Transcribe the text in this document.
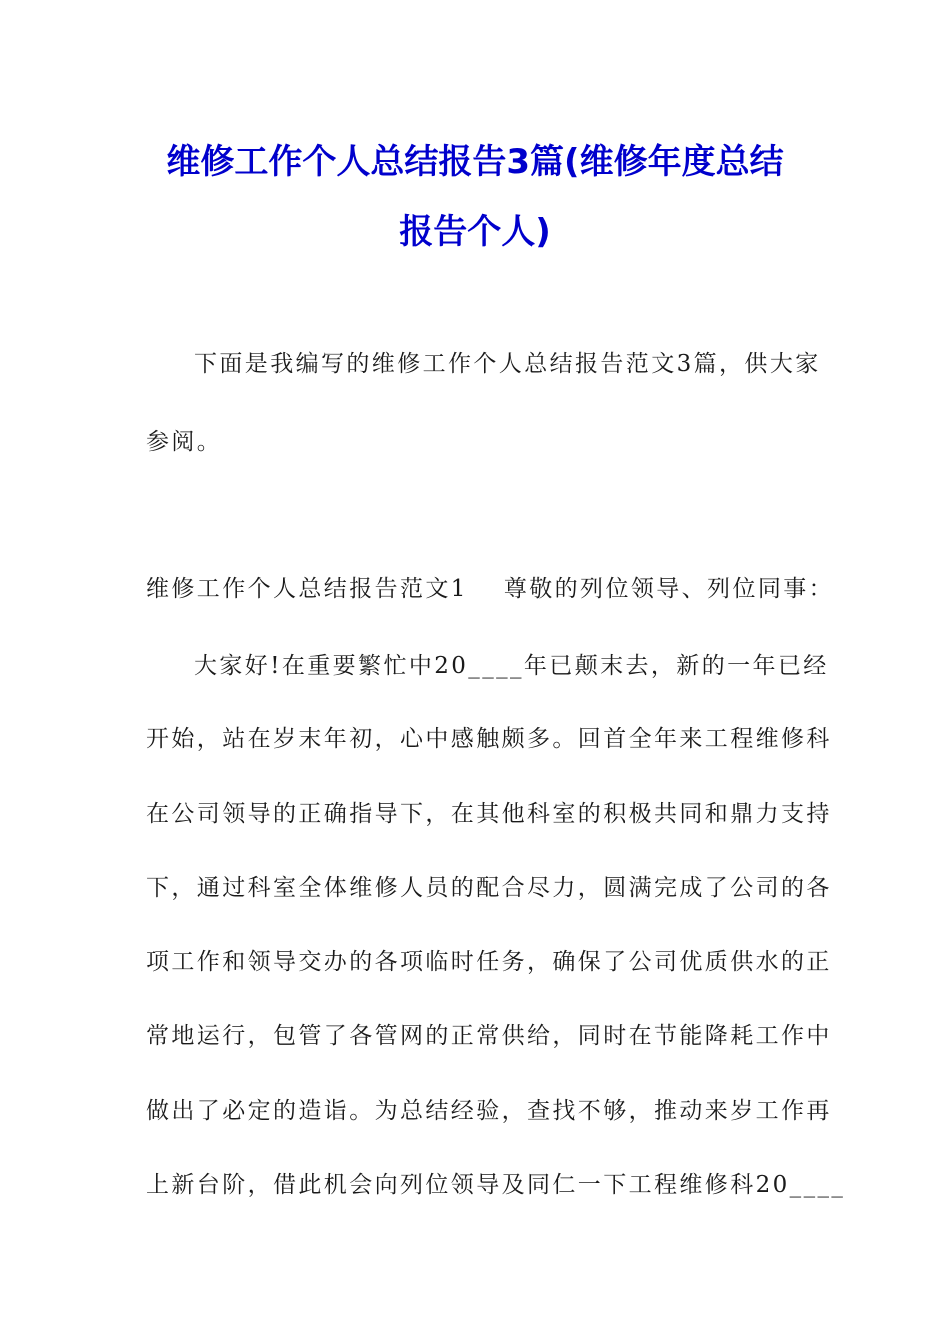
维修工作个人总结报告3篇(维修年度总结
报告个人)
下面是我编写的维修工作个人总结报告范文3篇，供大家
参阅。
维修工作个人总结报告范文1 尊敬的列位领导、列位同事：
大家好!在重要繁忙中20____年已颠末去，新的一年已经
开始，站在岁末年初，心中感触颇多。回首全年来工程维修科
在公司领导的正确指导下，在其他科室的积极共同和鼎力支持
下，通过科室全体维修人员的配合尽力，圆满完成了公司的各
项工作和领导交办的各项临时任务，确保了公司优质供水的正
常地运行，包管了各管网的正常供给，同时在节能降耗工作中
做出了必定的造诣。为总结经验，查找不够，推动来岁工作再
上新台阶，借此机会向列位领导及同仁一下工程维修科20____
